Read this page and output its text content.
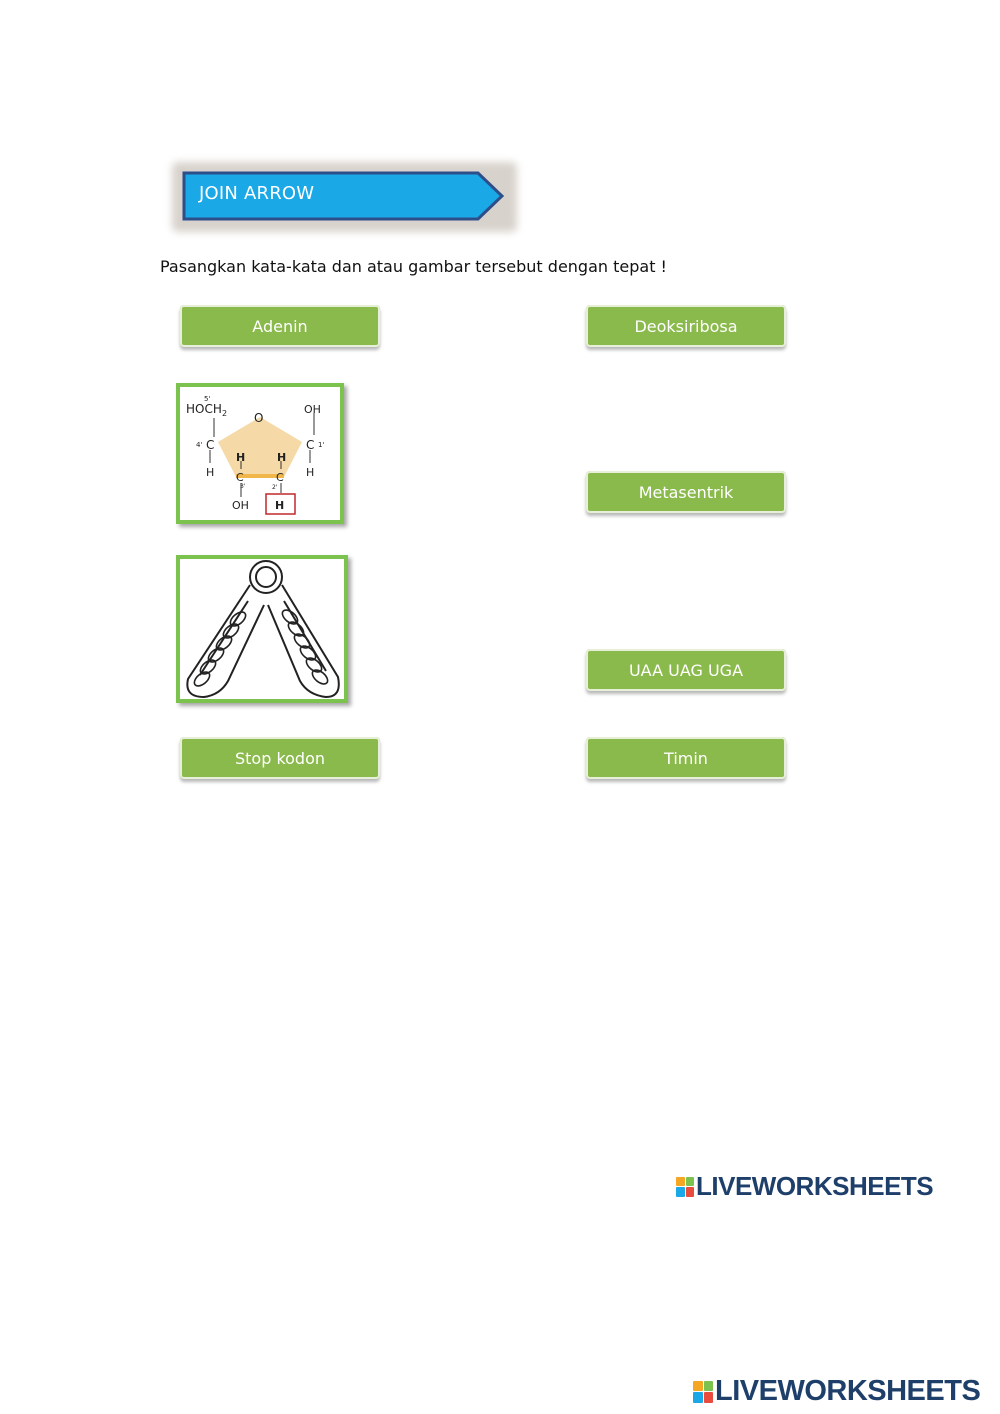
JOIN ARROW
Pasangkan kata-kata dan atau gambar tersebut dengan tepat !
Adenin
5'
HOCH 2 O
OH
4' C	C 1'
H
H	H
H
C
3'
C
2'
OH H
Stop kodon
Deoksiribosa
Metasentrik
UAA UAG UGA
Timin
LIVEWORKSHEETS
LIVEWORKSHEETS
